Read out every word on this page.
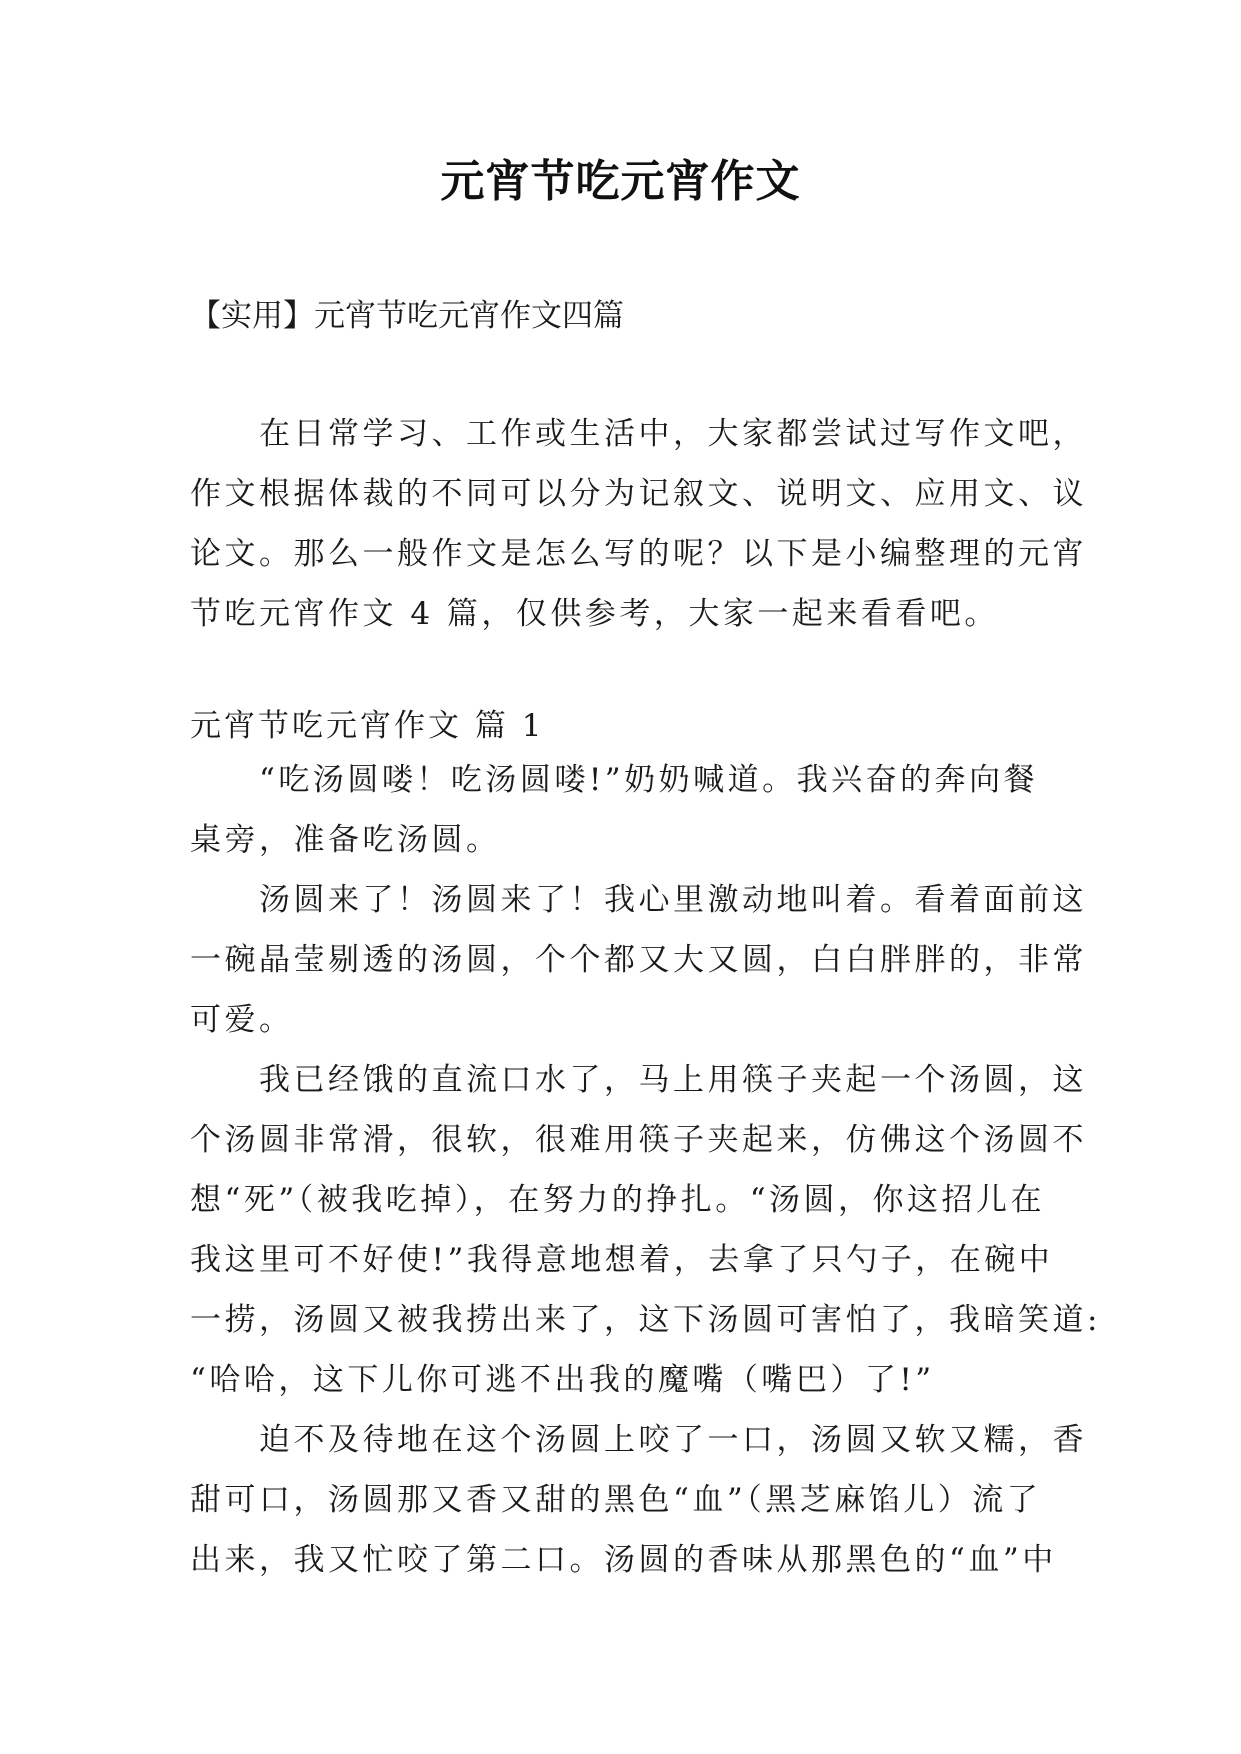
元宵节吃元宵作文
【实用】元宵节吃元宵作文四篇
　　在日常学习、工作或生活中，大家都尝试过写作文吧，
作文根据体裁的不同可以分为记叙文、说明文、应用文、议
论文。那么一般作文是怎么写的呢？以下是小编整理的元宵
节吃元宵作文 4 篇，仅供参考，大家一起来看看吧。
元宵节吃元宵作文 篇 1
　　“吃汤圆喽！吃汤圆喽!”奶奶喊道。我兴奋的奔向餐
桌旁，准备吃汤圆。
　　汤圆来了！汤圆来了！我心里激动地叫着。看着面前这
一碗晶莹剔透的汤圆，个个都又大又圆，白白胖胖的，非常
可爱。
　　我已经饿的直流口水了，马上用筷子夹起一个汤圆，这
个汤圆非常滑，很软，很难用筷子夹起来，仿佛这个汤圆不
想“死”（被我吃掉），在努力的挣扎。“汤圆，你这招儿在
我这里可不好使!”我得意地想着，去拿了只勺子，在碗中
一捞，汤圆又被我捞出来了，这下汤圆可害怕了，我暗笑道:
“哈哈，这下儿你可逃不出我的魔嘴（嘴巴）了!”
　　迫不及待地在这个汤圆上咬了一口，汤圆又软又糯，香
甜可口，汤圆那又香又甜的黑色“血”（黑芝麻馅儿）流了
出来，我又忙咬了第二口。汤圆的香味从那黑色的“血”中
